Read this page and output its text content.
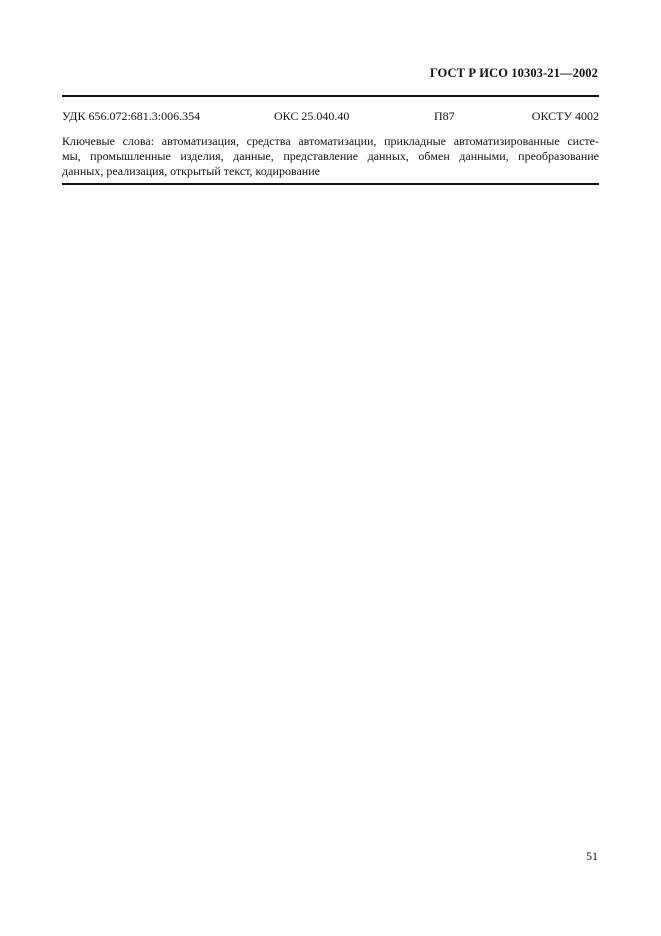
ГОСТ Р ИСО 10303-21—2002
УДК 656.072:681.3:006.354	ОКС 25.040.40	П87	ОКСТУ 4002
Ключевые слова: автоматизация, средства автоматизации, прикладные автоматизированные систе-
мы, промышленные изделия, данные, представление данных, обмен данными, преобразование
данных, реализация, открытый текст, кодирование
51
